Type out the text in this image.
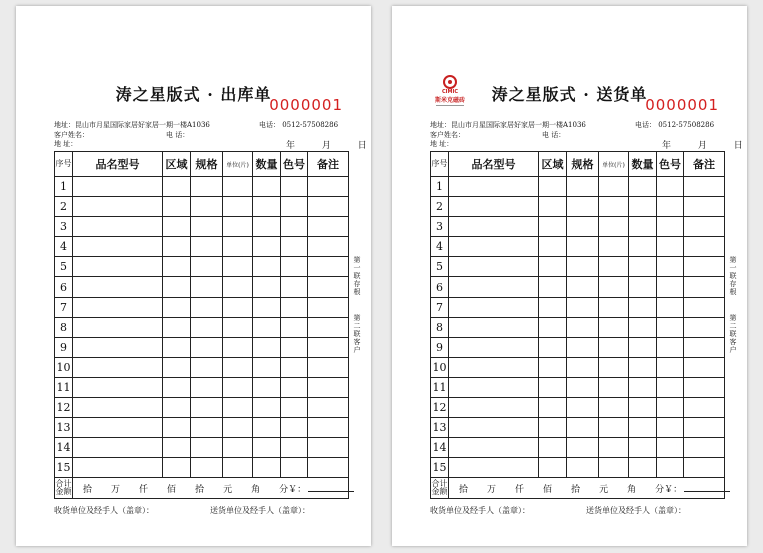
涛之星版式 · 出库单
0000001
地址：昆山市月星国际家居好家居一期一楼A1036	电话： 0512-57508286
客户姓名：	电 话：
地 址：	年 月 日
序号	品名型号	区域	规格	单位(片)	数量	色号	备注
1							
2							
3							
4							
5							
6							
7							
8							
9							
10							
11							
12							
13							
14							
15							
合计金额	拾 万 仟 佰 拾 元 角 分￥：						
第一联存根
第二联客户
收货单位及经手人（盖章）：	送货单位及经手人（盖章）：
CIMIC
斯米克磁砖	涛之星版式 · 送货单
0000001
地址：昆山市月星国际家居好家居一期一楼A1036	电话： 0512-57508286
客户姓名：	电 话：
地 址：	年 月 日
序号	品名型号	区域	规格	单位(片)	数量	色号	备注
1							
2							
3							
4							
5							
6							
7							
8							
9							
10							
11							
12							
13							
14							
15							
合计金额	拾 万 仟 佰 拾 元 角 分￥：						
第一联存根
第二联客户
收货单位及经手人（盖章）：	送货单位及经手人（盖章）：
